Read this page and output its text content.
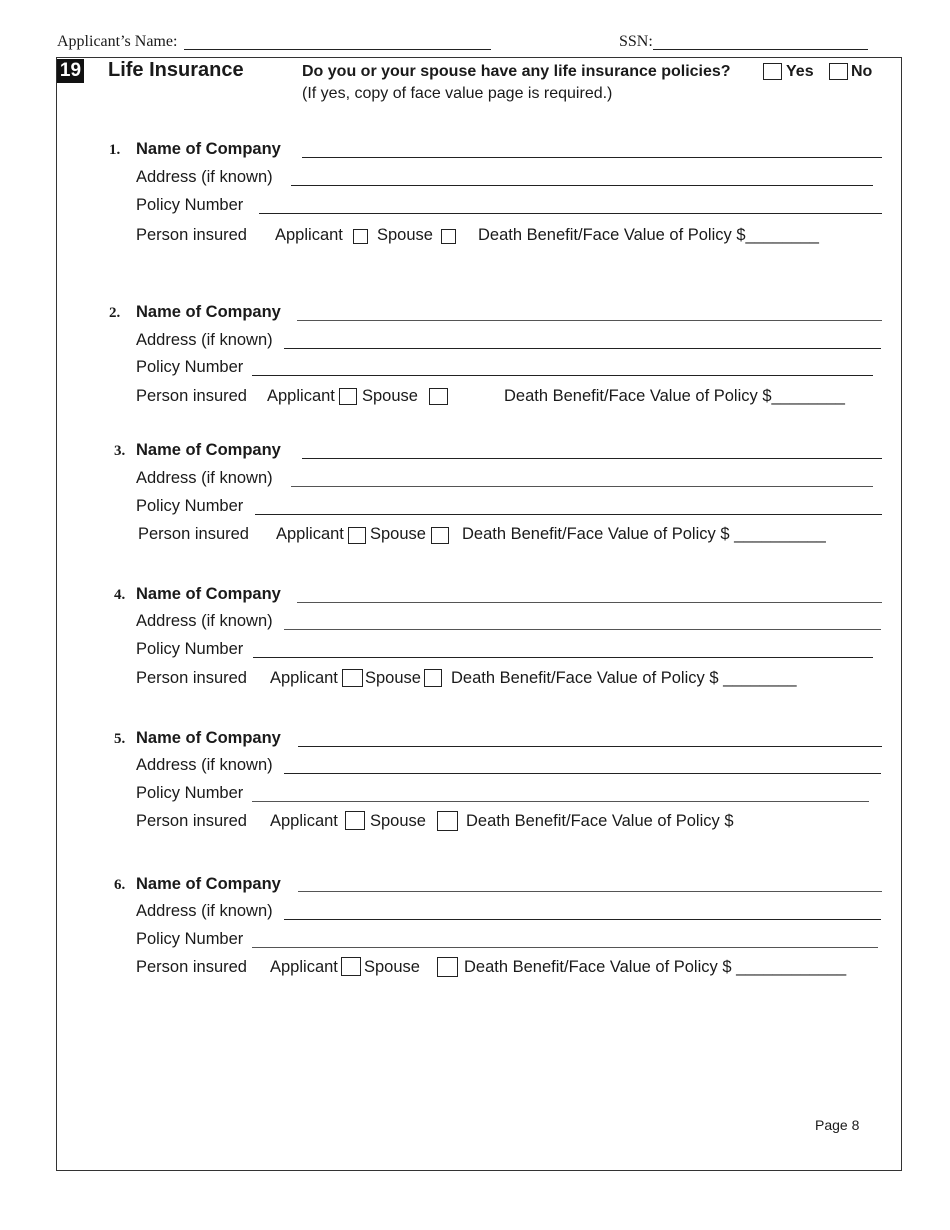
Applicant’s Name:	SSN:
19 Life Insurance	Do you or your spouse have any life insurance policies?	Yes No
(If yes, copy of face value page is required.)
1. Name of Company
Address (if known)
Policy Number
Person insured Applicant Spouse	Death Benefit/Face Value of Policy $________
2. Name of Company
Address (if known)
Policy Number
Person insured Applicant Spouse	Death Benefit/Face Value of Policy $________
3. Name of Company
Address (if known)
Policy Number
Person insured Applicant Spouse Death Benefit/Face Value of Policy $ __________
4. Name of Company
Address (if known)
Policy Number
Person insured Applicant Spouse Death Benefit/Face Value of Policy $ ________
5. Name of Company
Address (if known)
Policy Number
Person insured Applicant Spouse Death Benefit/Face Value of Policy $
6. Name of Company
Address (if known)
Policy Number
Person insured Applicant Spouse	Death Benefit/Face Value of Policy $ ____________
Page 8
